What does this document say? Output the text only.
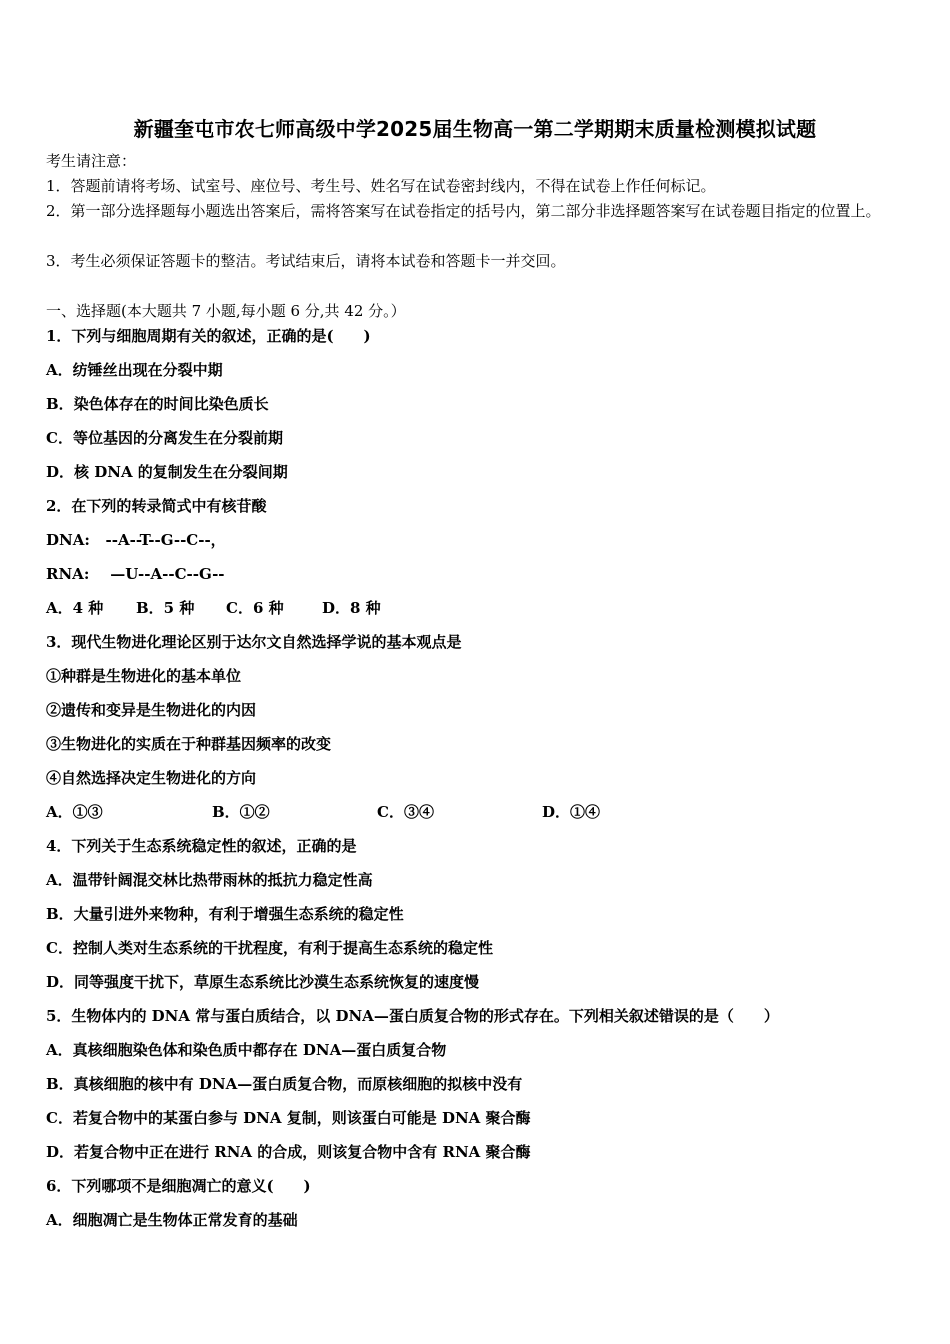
新疆奎屯市农七师高级中学2025届生物高一第二学期期末质量检测模拟试题
考生请注意：
1．答题前请将考场、试室号、座位号、考生号、姓名写在试卷密封线内，不得在试卷上作任何标记。
2．第一部分选择题每小题选出答案后，需将答案写在试卷指定的括号内，第二部分非选择题答案写在试卷题目指定的位置上。
3．考生必须保证答题卡的整洁。考试结束后，请将本试卷和答题卡一并交回。
一、选择题(本大题共 7 小题,每小题 6 分,共 42 分。）
1．下列与细胞周期有关的叙述，正确的是(　　)
A．纺锤丝出现在分裂中期
B．染色体存在的时间比染色质长
C．等位基因的分离发生在分裂前期
D．核 DNA 的复制发生在分裂间期
2．在下列的转录简式中有核苷酸
DNA:   --A--T--G--C--，
RNA:    —U--A--C--G--
A．4 种 B．5 种 C．6 种	D．8 种
3．现代生物进化理论区别于达尔文自然选择学说的基本观点是
①种群是生物进化的基本单位
②遗传和变异是生物进化的内因
③生物进化的实质在于种群基因频率的改变
④自然选择决定生物进化的方向
A．①③	B．①②	C．③④	D．①④
4．下列关于生态系统稳定性的叙述，正确的是
A．温带针阔混交林比热带雨林的抵抗力稳定性高
B．大量引进外来物种，有利于增强生态系统的稳定性
C．控制人类对生态系统的干扰程度，有利于提高生态系统的稳定性
D．同等强度干扰下，草原生态系统比沙漠生态系统恢复的速度慢
5．生物体内的 DNA 常与蛋白质结合，以 DNA—蛋白质复合物的形式存在。下列相关叙述错误的是（　　）
A．真核细胞染色体和染色质中都存在 DNA—蛋白质复合物
B．真核细胞的核中有 DNA—蛋白质复合物，而原核细胞的拟核中没有
C．若复合物中的某蛋白参与 DNA 复制，则该蛋白可能是 DNA 聚合酶
D．若复合物中正在进行 RNA 的合成，则该复合物中含有 RNA 聚合酶
6．下列哪项不是细胞凋亡的意义(　　)
A．细胞凋亡是生物体正常发育的基础
